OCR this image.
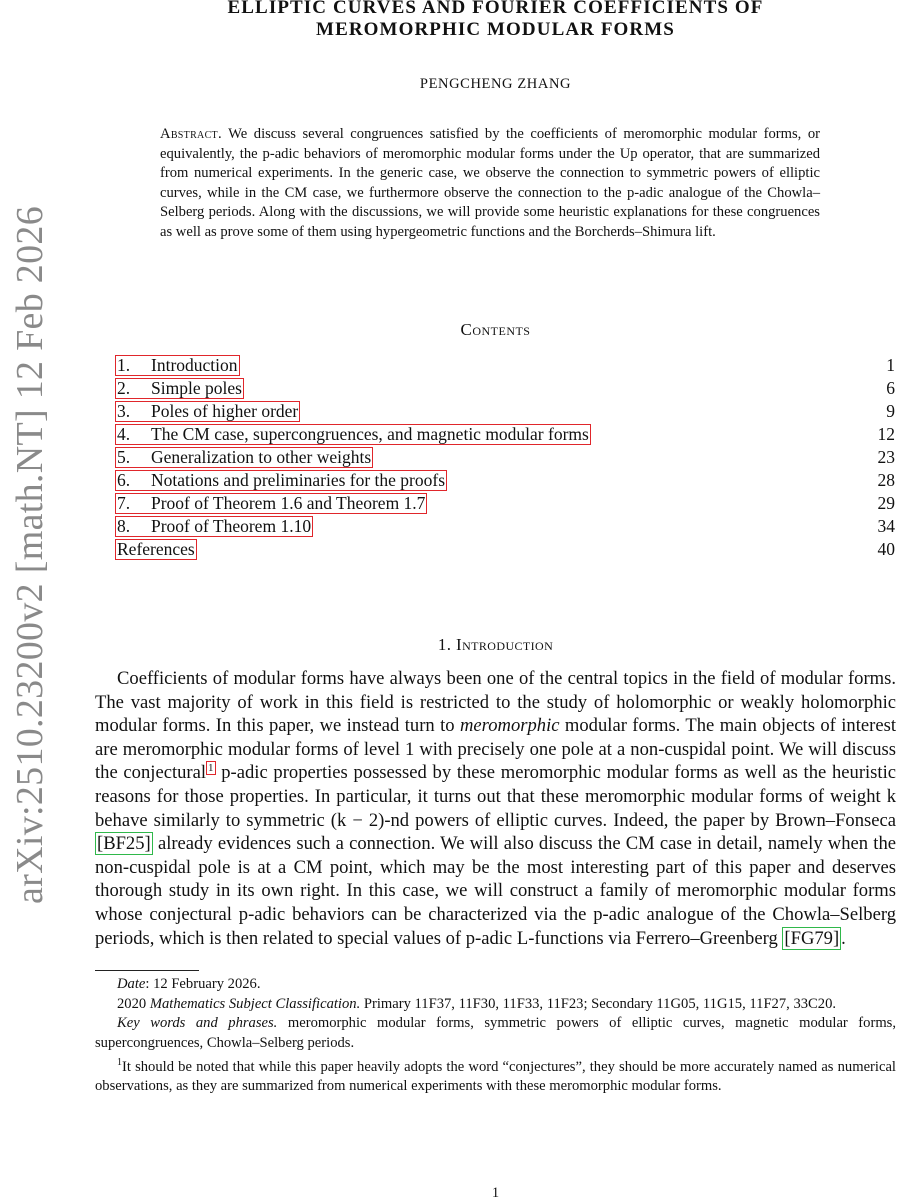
arXiv:2510.23200v2 [math.NT] 12 Feb 2026
ELLIPTIC CURVES AND FOURIER COEFFICIENTS OF
MEROMORPHIC MODULAR FORMS
PENGCHENG ZHANG
Abstract. We discuss several congruences satisfied by the coefficients of meromorphic modular forms, or equivalently, the p-adic behaviors of meromorphic modular forms under the Up operator, that are summarized from numerical experiments. In the generic case, we observe the connection to symmetric powers of elliptic curves, while in the CM case, we furthermore observe the connection to the p-adic analogue of the Chowla–Selberg periods. Along with the discussions, we will provide some heuristic explanations for these congruences as well as prove some of them using hypergeometric functions and the Borcherds–Shimura lift.
Contents
1. Introduction	1
2. Simple poles	6
3. Poles of higher order	9
4. The CM case, supercongruences, and magnetic modular forms	12
5. Generalization to other weights	23
6. Notations and preliminaries for the proofs	28
7. Proof of Theorem 1.6 and Theorem 1.7	29
8. Proof of Theorem 1.10	34
References	40
1. Introduction
Coefficients of modular forms have always been one of the central topics in the field of modular forms. The vast majority of work in this field is restricted to the study of holomorphic or weakly holomorphic modular forms. In this paper, we instead turn to meromorphic modular forms. The main objects of interest are meromorphic modular forms of level 1 with precisely one pole at a non-cuspidal point. We will discuss the conjectural $^1$ p-adic properties possessed by these meromorphic modular forms as well as the heuristic reasons for those properties. In particular, it turns out that these meromorphic modular forms of weight k behave similarly to symmetric (k − 2)-nd powers of elliptic curves. Indeed, the paper by Brown–Fonseca [BF25] already evidences such a connection. We will also discuss the CM case in detail, namely when the non-cuspidal pole is at a CM point, which may be the most interesting part of this paper and deserves thorough study in its own right. In this case, we will construct a family of meromorphic modular forms whose conjectural p-adic behaviors can be characterized via the p-adic analogue of the Chowla–Selberg periods, which is then related to special values of p-adic L-functions via Ferrero–Greenberg [FG79] .

Date: 12 February 2026.

2020 Mathematics Subject Classification. Primary 11F37, 11F30, 11F33, 11F23; Secondary 11G05, 11G15, 11F27, 33C20.

Key words and phrases. meromorphic modular forms, symmetric powers of elliptic curves, magnetic modular forms, supercongruences, Chowla–Selberg periods.

$^1$It should be noted that while this paper heavily adopts the word “conjectures”, they should be more accurately named as numerical observations, as they are summarized from numerical experiments with these meromorphic modular forms.

1
